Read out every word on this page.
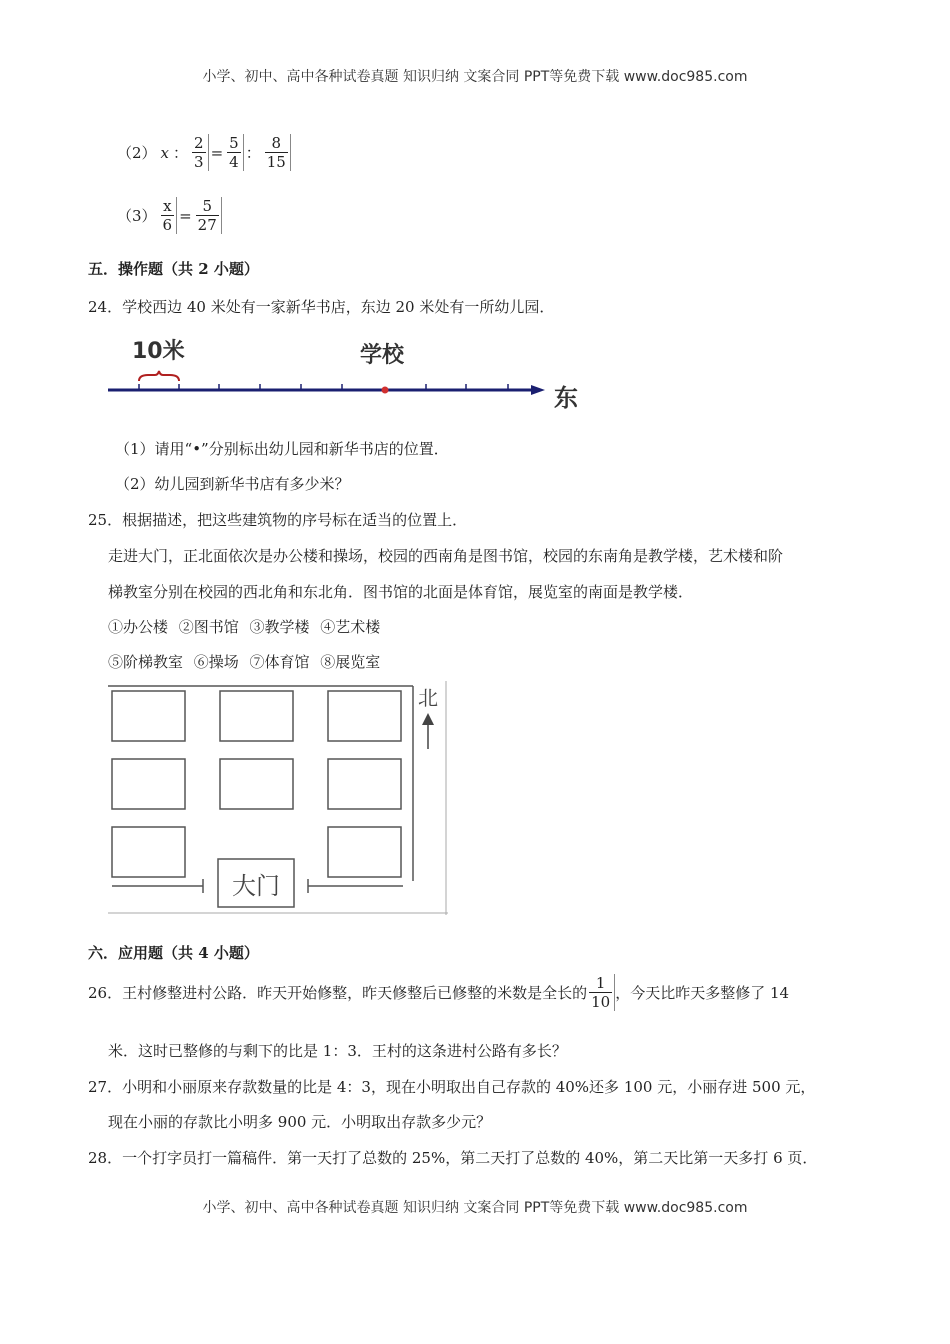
小学、初中、高中各种试卷真题 知识归纳 文案合同 PPT等免费下载 www.doc985.com
（2） x ： $\frac{2}{3} = \frac{5}{4}$ ： $\frac{8}{15}$
$(3) \frac{x}{6} = \frac{5}{27}$
五．操作题（共 2 小题）
24．学校西边 40 米处有一家新华书店，东边 20 米处有一所幼儿园．
10米	学校
东
（1）请用“•”分别标出幼儿园和新华书店的位置．
（2）幼儿园到新华书店有多少米？
25．根据描述，把这些建筑物的序号标在适当的位置上．
走进大门，正北面依次是办公楼和操场，校园的西南角是图书馆，校园的东南角是教学楼，艺术楼和阶
梯教室分别在校园的西北角和东北角．图书馆的北面是体育馆，展览室的南面是教学楼．
①办公楼 ②图书馆 ③教学楼 ④艺术楼
⑤阶梯教室 ⑥操场 ⑦体育馆 ⑧展览室
大门
北
六．应用题（共 4 小题）
26．王村修整进村公路．昨天开始修整，昨天修整后已修整的米数是全长的 $\frac{1}{10}$ ，今天比昨天多整修了 14
米．这时已整修的与剩下的比是 1：3．王村的这条进村公路有多长？
27．小明和小丽原来存款数量的比是 4：3，现在小明取出自己存款的 40%还多 100 元，小丽存进 500 元，
现在小丽的存款比小明多 900 元．小明取出存款多少元？
28．一个打字员打一篇稿件．第一天打了总数的 25%，第二天打了总数的 40%，第二天比第一天多打 6 页．
小学、初中、高中各种试卷真题 知识归纳 文案合同 PPT等免费下载 www.doc985.com
